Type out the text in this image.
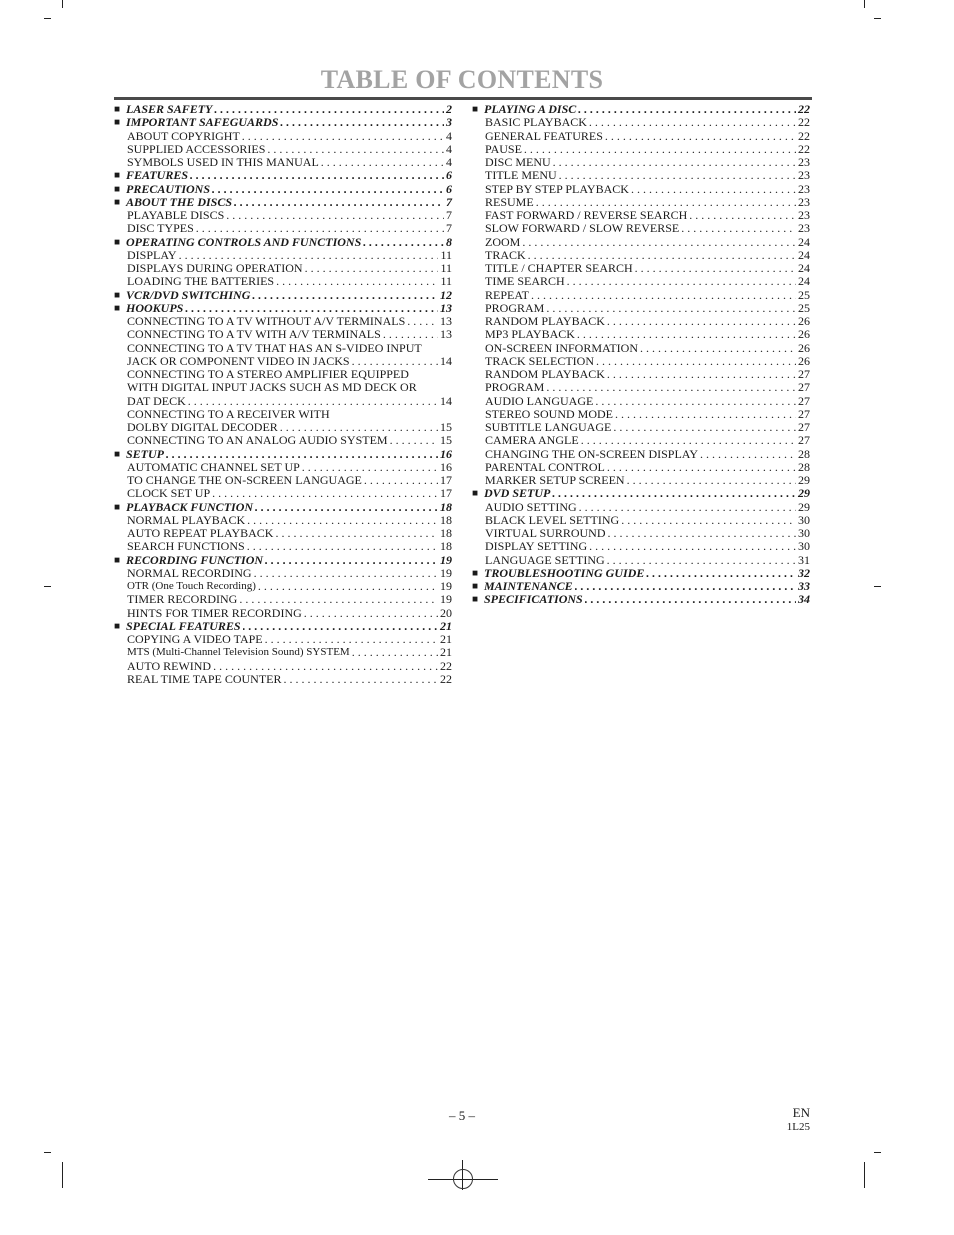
TABLE OF CONTENTS
■ LASER SAFETY . . .	2
■ IMPORTANT SAFEGUARDS . . .	3
ABOUT COPYRIGHT . . .	4
SUPPLIED ACCESSORIES . . .	4
SYMBOLS USED IN THIS MANUAL . . .	4
■ FEATURES . . .	6
■ PRECAUTIONS . . .	6
■ ABOUT THE DISCS . . .	7
PLAYABLE DISCS . . .	7
DISC TYPES . . .	7
■ OPERATING CONTROLS AND FUNCTIONS . . .	8
DISPLAY . . .	11
DISPLAYS DURING OPERATION . . .	11
LOADING THE BATTERIES . . .	11
■ VCR/DVD SWITCHING . . .	12
■ HOOKUPS . . .	13
CONNECTING TO A TV WITHOUT A/V TERMINALS . . .	13
CONNECTING TO A TV WITH A/V TERMINALS . . .	13
CONNECTING TO A TV THAT HAS AN S-VIDEO INPUT
JACK OR COMPONENT VIDEO IN JACKS . . .	14
CONNECTING TO A STEREO AMPLIFIER EQUIPPED
WITH DIGITAL INPUT JACKS SUCH AS MD DECK OR
DAT DECK . . .	14
CONNECTING TO A RECEIVER WITH
DOLBY DIGITAL DECODER . . .	15
CONNECTING TO AN ANALOG AUDIO SYSTEM . . .	15
■ SETUP . . .	16
AUTOMATIC CHANNEL SET UP . . .	16
TO CHANGE THE ON-SCREEN LANGUAGE . . .	17
CLOCK SET UP . . .	17
■ PLAYBACK FUNCTION . . .	18
NORMAL PLAYBACK . . .	18
AUTO REPEAT PLAYBACK . . .	18
SEARCH FUNCTIONS . . .	18
■ RECORDING FUNCTION . . .	19
NORMAL RECORDING . . .	19
OTR (One Touch Recording) . . .	19
TIMER RECORDING . . .	19
HINTS FOR TIMER RECORDING . . .	20
■ SPECIAL FEATURES . . .	21
COPYING A VIDEO TAPE . . .	21
MTS (Multi-Channel Television Sound) SYSTEM . . .	21
AUTO REWIND . . .	22
REAL TIME TAPE COUNTER . . .	22
■ PLAYING A DISC . . .	22
BASIC PLAYBACK . . .	22
GENERAL FEATURES . . .	22
PAUSE . . .	22
DISC MENU . . .	23
TITLE MENU . . .	23
STEP BY STEP PLAYBACK . . .	23
RESUME . . .	23
FAST FORWARD / REVERSE SEARCH . . .	23
SLOW FORWARD / SLOW REVERSE . . .	23
ZOOM . . .	24
TRACK . . .	24
TITLE / CHAPTER SEARCH . . .	24
TIME SEARCH . . .	24
REPEAT . . .	25
PROGRAM . . .	25
RANDOM PLAYBACK . . .	26
MP3 PLAYBACK . . .	26
ON-SCREEN INFORMATION . . .	26
TRACK SELECTION . . .	26
RANDOM PLAYBACK . . .	27
PROGRAM . . .	27
AUDIO LANGUAGE . . .	27
STEREO SOUND MODE . . .	27
SUBTITLE LANGUAGE . . .	27
CAMERA ANGLE . . .	27
CHANGING THE ON-SCREEN DISPLAY . . .	28
PARENTAL CONTROL . . .	28
MARKER SETUP SCREEN . . .	29
■ DVD SETUP . . .	29
AUDIO SETTING . . .	29
BLACK LEVEL SETTING . . .	30
VIRTUAL SURROUND . . .	30
DISPLAY SETTING . . .	30
LANGUAGE SETTING . . .	31
■ TROUBLESHOOTING GUIDE . . .	32
■ MAINTENANCE . . .	33
■ SPECIFICATIONS . . .	34
– 5 –	EN
1L25
